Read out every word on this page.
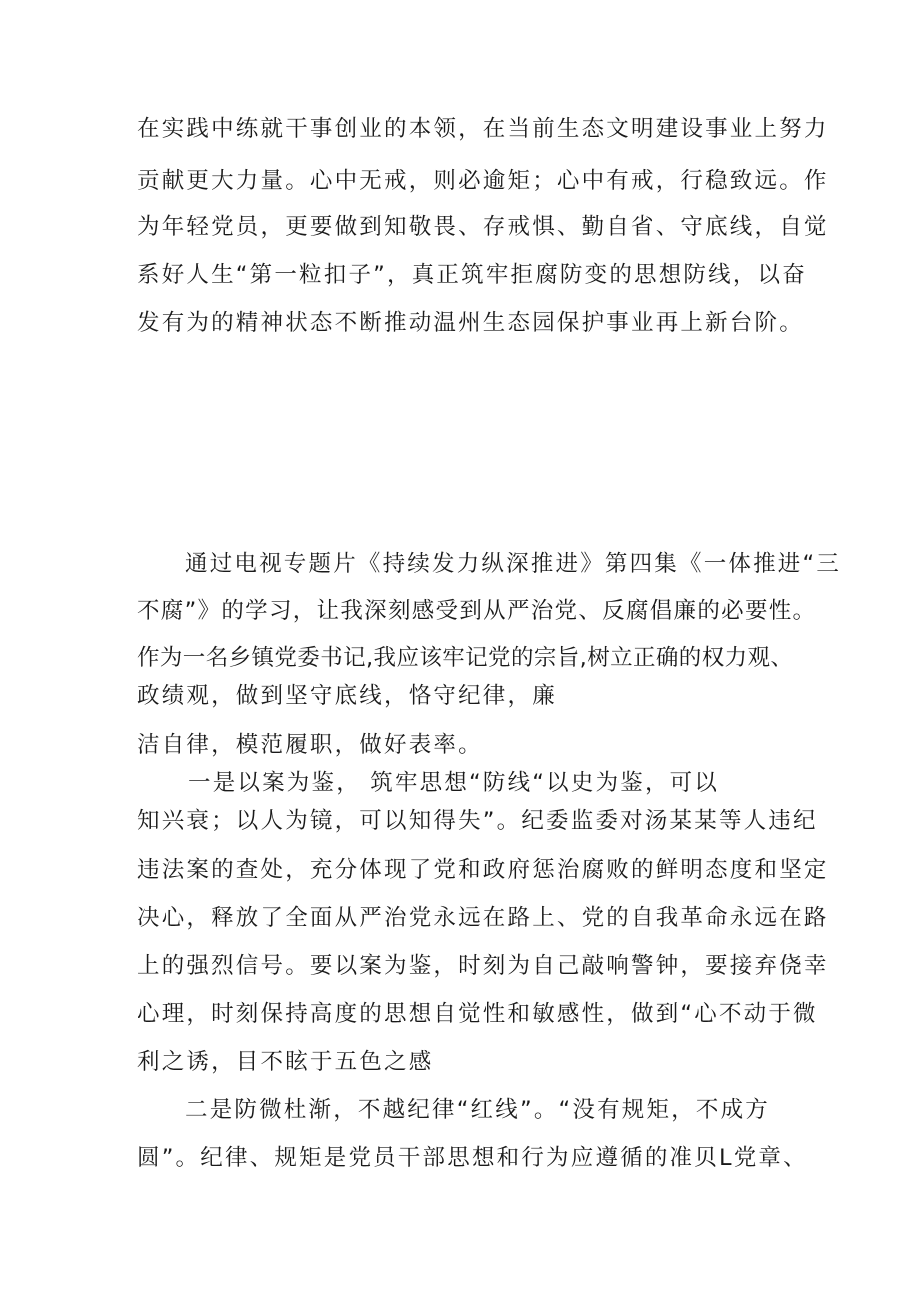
在实践中练就干事创业的本领，在当前生态文明建设事业上努力
贡献更大力量。心中无戒，则必逾矩；心中有戒，行稳致远。作
为年轻党员，更要做到知敬畏、存戒惧、勤自省、守底线，自觉
系好人生“第一粒扣子”，真正筑牢拒腐防变的思想防线，以奋
发有为的精神状态不断推动温州生态园保护事业再上新台阶。
通过电视专题片《持续发力纵深推进》第四集《一体推进“三
不腐”》的学习，让我深刻感受到从严治党、反腐倡廉的必要性。
作为一名乡镇党委书记,我应该牢记党的宗旨,树立正确的权力观、
政绩观，做到坚守底线，恪守纪律，廉
洁自律，模范履职，做好表率。
一是以案为鉴， 筑牢思想“防线“以史为鉴，可以
知兴衰；以人为镜，可以知得失”。纪委监委对汤某某等人违纪
违法案的查处，充分体现了党和政府惩治腐败的鲜明态度和坚定
决心，释放了全面从严治党永远在路上、党的自我革命永远在路
上的强烈信号。要以案为鉴，时刻为自己敲响警钟，要接弃侥幸
心理，时刻保持高度的思想自觉性和敏感性，做到“心不动于微
利之诱，目不眩于五色之感
二是防微杜渐，不越纪律“红线”。“没有规矩，不成方
圆”。纪律、规矩是党员干部思想和行为应遵循的准贝L党章、
